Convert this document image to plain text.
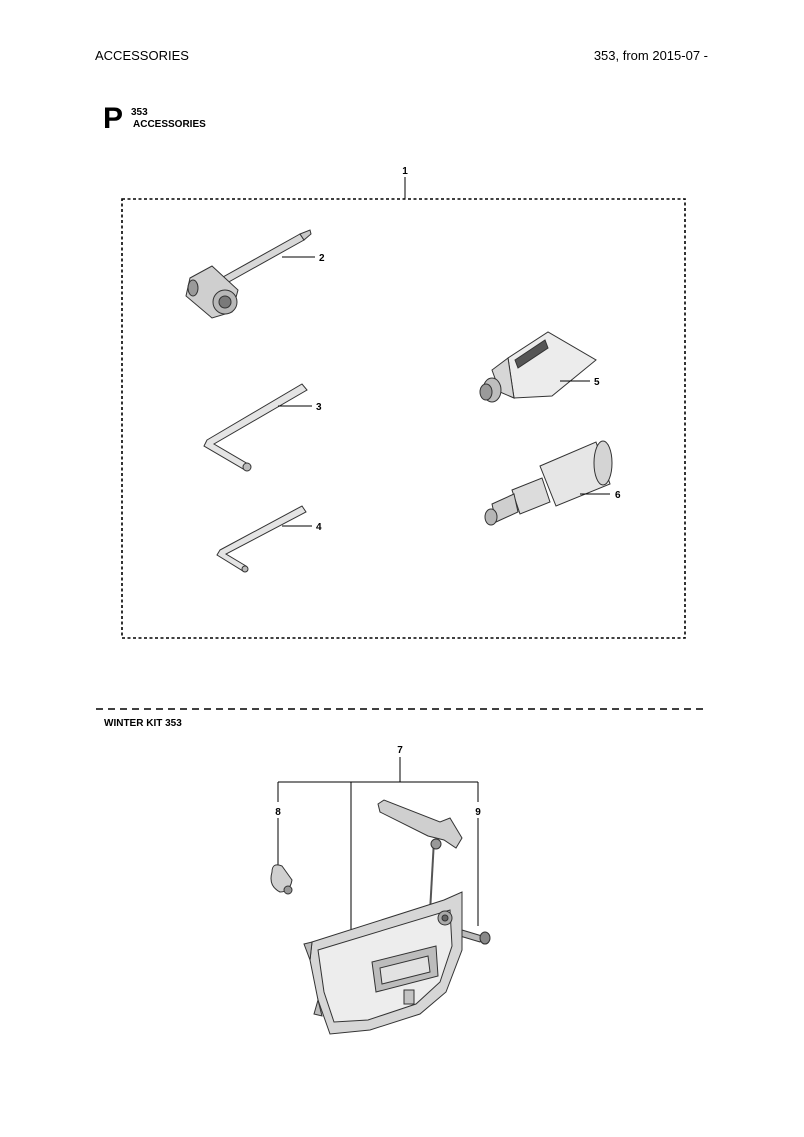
ACCESSORIES	353, from 2015-07 -
P 353
ACCESSORIES
WINTER KIT 353
1
2
3
4
5
6
7
8	9
